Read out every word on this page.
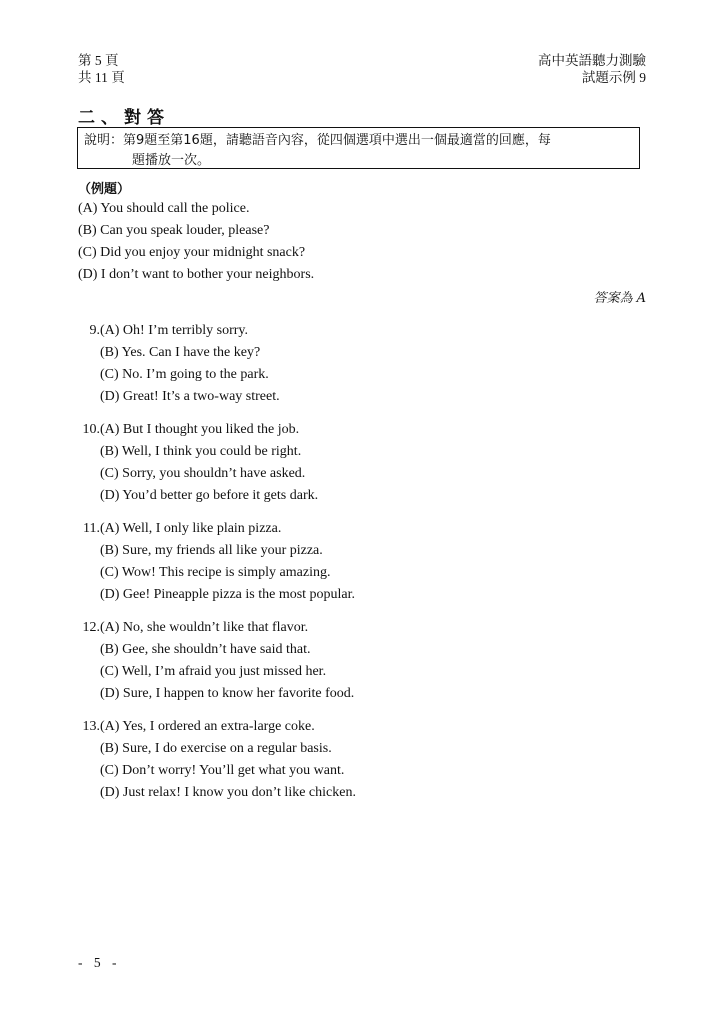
第 5 頁
共 11 頁
高中英語聽力測驗
試題示例 9
二、對答
說明：第9題至第16題，請聽語音內容，從四個選項中選出一個最適當的回應，每
題播放一次。
（例題）
(A) You should call the police.
(B) Can you speak louder, please?
(C) Did you enjoy your midnight snack?
(D) I don’t want to bother your neighbors.
答案為 A
9. (A) Oh! I’m terribly sorry.
(B) Yes. Can I have the key?
(C) No. I’m going to the park.
(D) Great! It’s a two-way street.
10. (A) But I thought you liked the job.
(B) Well, I think you could be right.
(C) Sorry, you shouldn’t have asked.
(D) You’d better go before it gets dark.
11. (A) Well, I only like plain pizza.
(B) Sure, my friends all like your pizza.
(C) Wow! This recipe is simply amazing.
(D) Gee! Pineapple pizza is the most popular.
12. (A) No, she wouldn’t like that flavor.
(B) Gee, she shouldn’t have said that.
(C) Well, I’m afraid you just missed her.
(D) Sure, I happen to know her favorite food.
13. (A) Yes, I ordered an extra-large coke.
(B) Sure, I do exercise on a regular basis.
(C) Don’t worry! You’ll get what you want.
(D) Just relax! I know you don’t like chicken.
- 5 -
